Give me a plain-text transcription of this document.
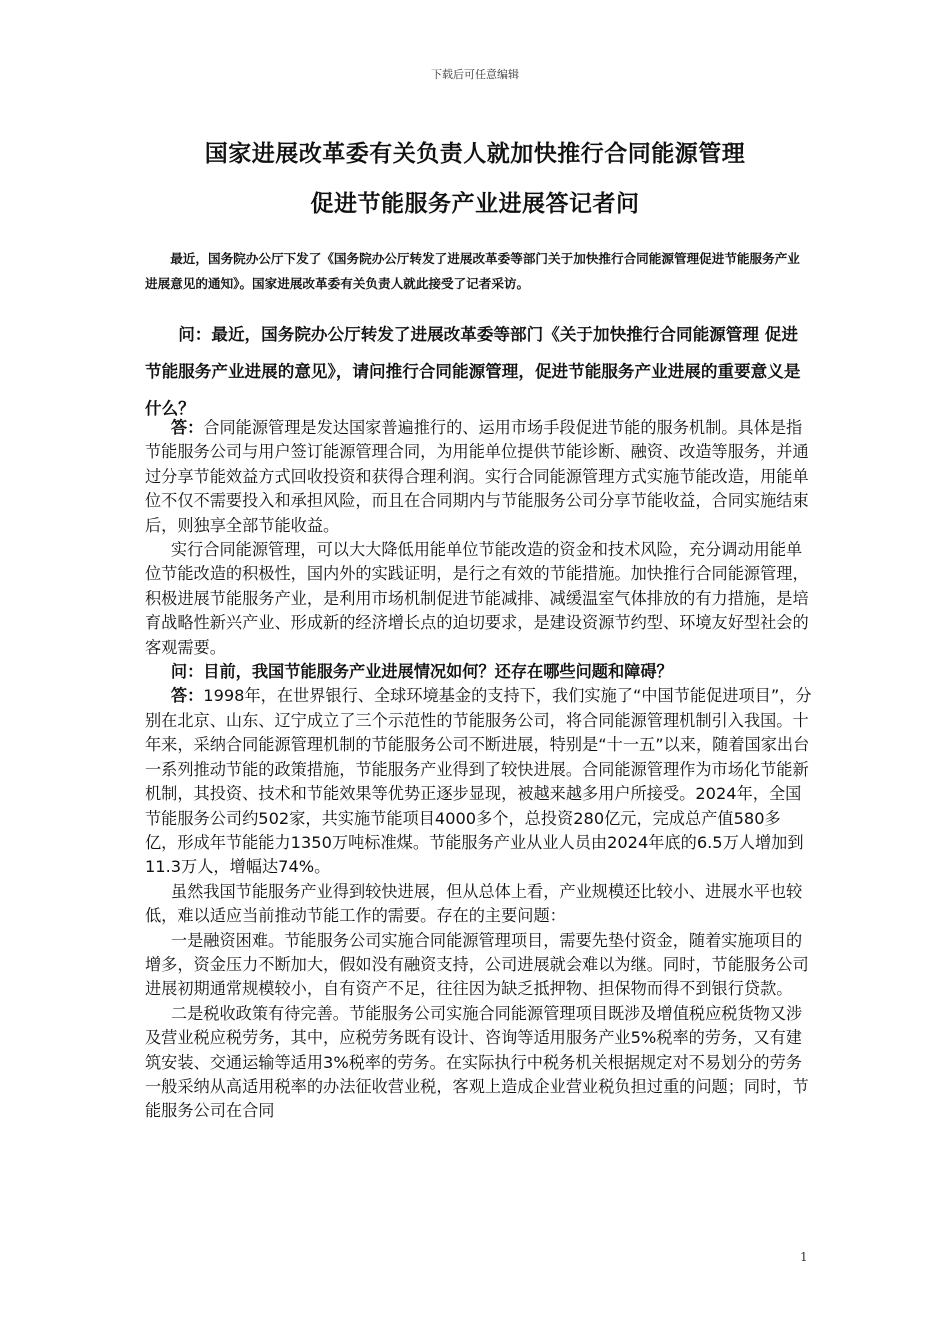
下载后可任意编辑
国家进展改革委有关负责人就加快推行合同能源管理
促进节能服务产业进展答记者问
最近，国务院办公厅下发了《国务院办公厅转发了进展改革委等部门关于加快推行合同能源管理促进节能服务产业进展意见的通知》。国家进展改革委有关负责人就此接受了记者采访。
问：最近，国务院办公厅转发了进展改革委等部门《关于加快推行合同能源管理 促进节能服务产业进展的意见》，请问推行合同能源管理，促进节能服务产业进展的重要意义是什么？

答：合同能源管理是发达国家普遍推行的、运用市场手段促进节能的服务机制。具体是指节能服务公司与用户签订能源管理合同，为用能单位提供节能诊断、融资、改造等服务，并通过分享节能效益方式回收投资和获得合理利润。实行合同能源管理方式实施节能改造，用能单位不仅不需要投入和承担风险，而且在合同期内与节能服务公司分享节能收益，合同实施结束后，则独享全部节能收益。

实行合同能源管理，可以大大降低用能单位节能改造的资金和技术风险，充分调动用能单位节能改造的积极性，国内外的实践证明，是行之有效的节能措施。加快推行合同能源管理，积极进展节能服务产业，是利用市场机制促进节能减排、减缓温室气体排放的有力措施，是培育战略性新兴产业、形成新的经济增长点的迫切要求，是建设资源节约型、环境友好型社会的客观需要。

问：目前，我国节能服务产业进展情况如何？还存在哪些问题和障碍？

答：1998年，在世界银行、全球环境基金的支持下，我们实施了“中国节能促进项目”，分别在北京、山东、辽宁成立了三个示范性的节能服务公司，将合同能源管理机制引入我国。十年来，采纳合同能源管理机制的节能服务公司不断进展，特别是“十一五”以来，随着国家出台一系列推动节能的政策措施，节能服务产业得到了较快进展。合同能源管理作为市场化节能新机制，其投资、技术和节能效果等优势正逐步显现，被越来越多用户所接受。2024年，全国节能服务公司约502家，共实施节能项目4000多个，总投资280亿元，完成总产值580多亿，形成年节能能力1350万吨标准煤。节能服务产业从业人员由2024年底的6.5万人增加到11.3万人，增幅达74%。

虽然我国节能服务产业得到较快进展，但从总体上看，产业规模还比较小、进展水平也较低，难以适应当前推动节能工作的需要。存在的主要问题：

一是融资困难。节能服务公司实施合同能源管理项目，需要先垫付资金，随着实施项目的增多，资金压力不断加大，假如没有融资支持，公司进展就会难以为继。同时，节能服务公司进展初期通常规模较小，自有资产不足，往往因为缺乏抵押物、担保物而得不到银行贷款。

二是税收政策有待完善。节能服务公司实施合同能源管理项目既涉及增值税应税货物又涉及营业税应税劳务，其中，应税劳务既有设计、咨询等适用服务产业5%税率的劳务，又有建筑安装、交通运输等适用3%税率的劳务。在实际执行中税务机关根据规定对不易划分的劳务一般采纳从高适用税率的办法征收营业税，客观上造成企业营业税负担过重的问题；同时，节能服务公司在合同

1
